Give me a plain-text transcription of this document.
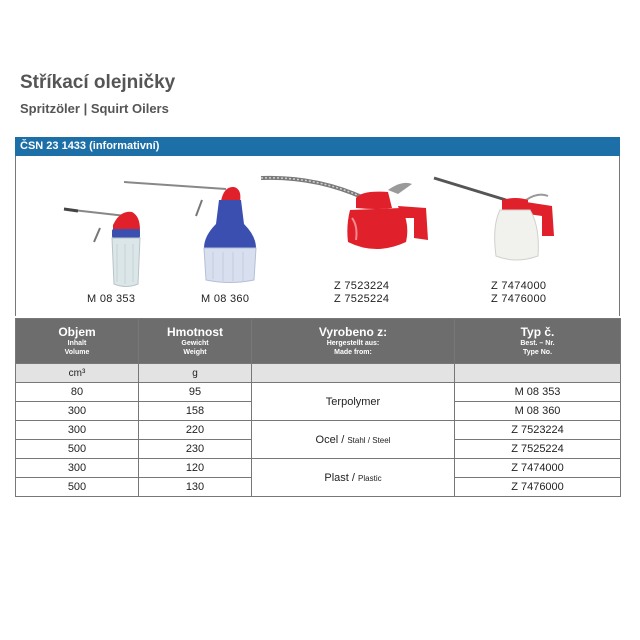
Stříkací olejničky
Spritzöler | Squirt Oilers
ČSN 23 1433 (informativní)
M 08 353	M 08 360
Z 7523224
Z 7525224
Z 7474000
Z 7476000
Objem
Inhalt
Volume	Hmotnost
Gewicht
Weight	Vyrobeno z:
Hergestellt aus:
Made from:	Typ č.
Best. – Nr.
Type No.

cm³	g		
80	95	Terpolymer	M 08 353
300	158		M 08 360
300	220	Ocel / Stahl / Steel	Z 7523224
500	230		Z 7525224
300	120	Plast / Plastic	Z 7474000
500	130		Z 7476000
